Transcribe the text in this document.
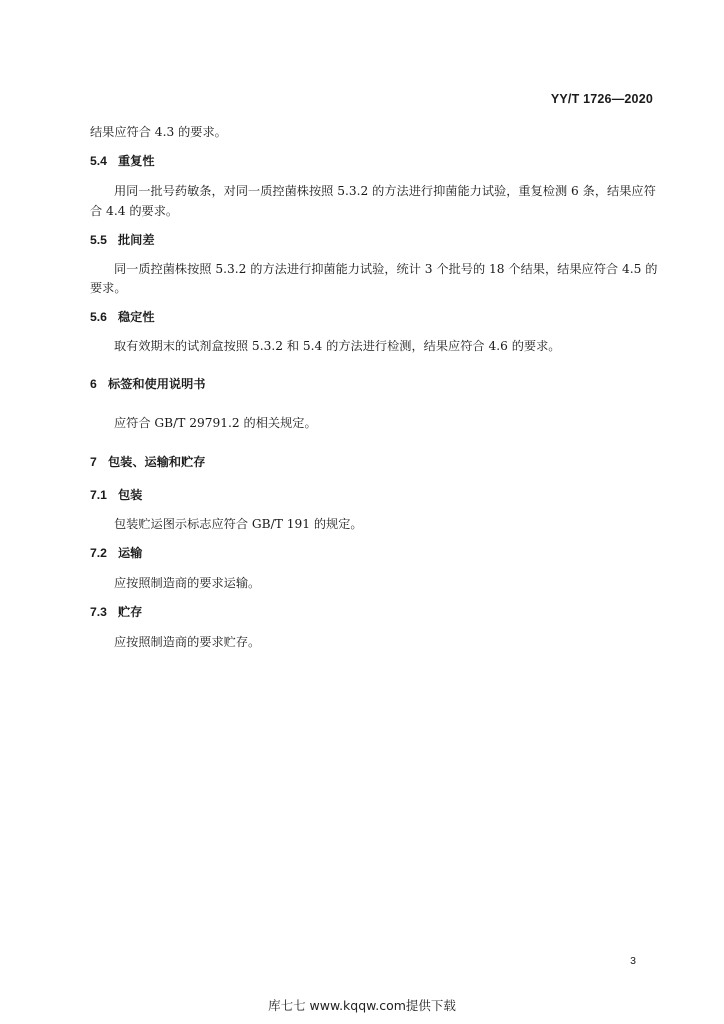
YY/T 1726—2020
结果应符合 4.3 的要求。
5.4 重复性
用同一批号药敏条，对同一质控菌株按照 5.3.2 的方法进行抑菌能力试验，重复检测 6 条，结果应符
合 4.4 的要求。
5.5 批间差
同一质控菌株按照 5.3.2 的方法进行抑菌能力试验，统计 3 个批号的 18 个结果，结果应符合 4.5 的
要求。
5.6 稳定性
取有效期末的试剂盒按照 5.3.2 和 5.4 的方法进行检测，结果应符合 4.6 的要求。
6 标签和使用说明书
应符合 GB/T 29791.2 的相关规定。
7 包装、运输和贮存
7.1 包装
包装贮运图示标志应符合 GB/T 191 的规定。
7.2 运输
应按照制造商的要求运输。
7.3 贮存
应按照制造商的要求贮存。
3
库七七 www.kqqw.com提供下载
